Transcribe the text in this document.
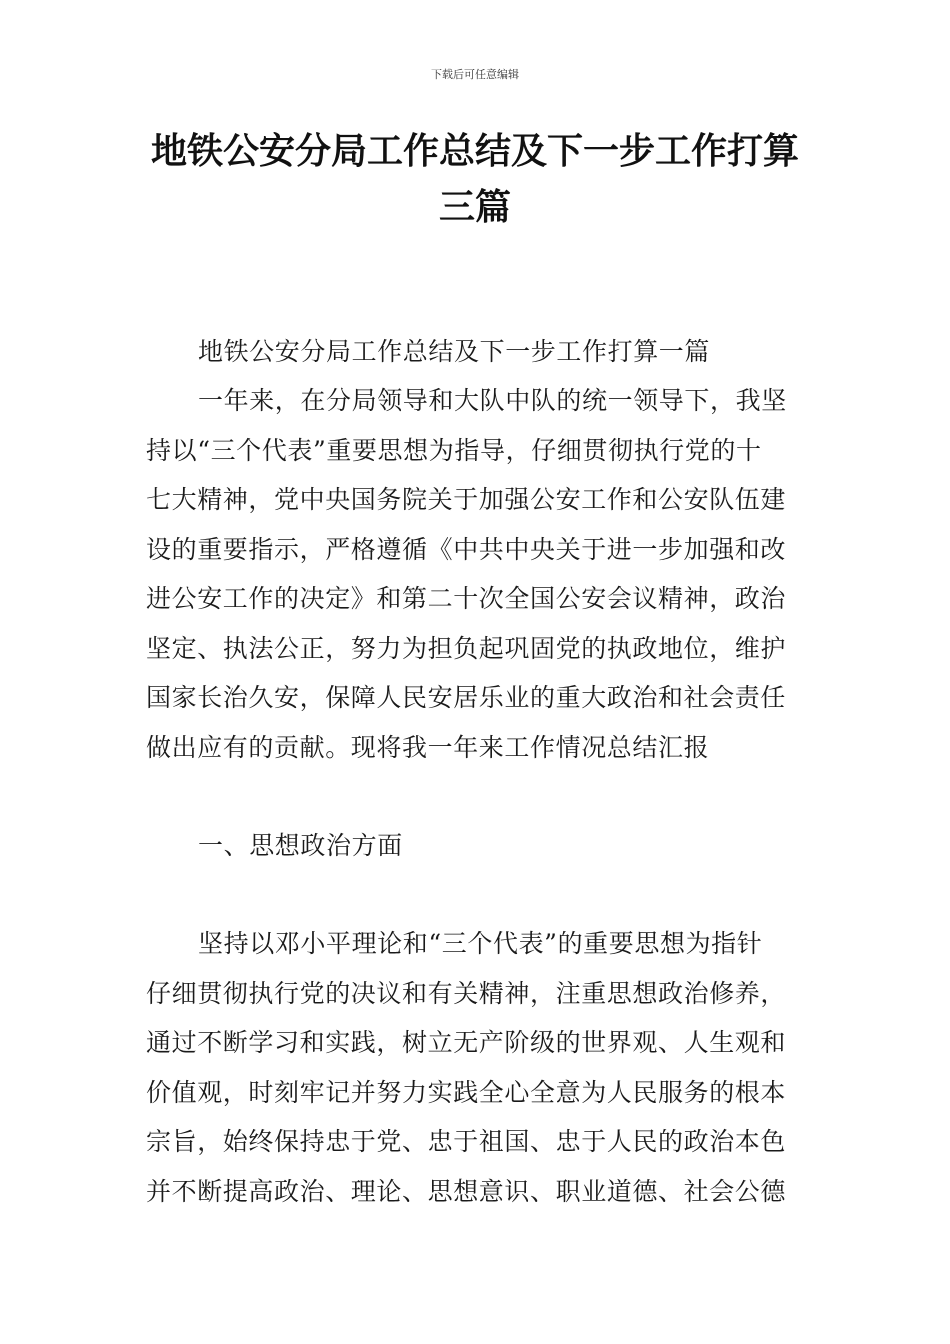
下载后可任意编辑
地铁公安分局工作总结及下一步工作打算
三篇

地铁公安分局工作总结及下一步工作打算一篇

一年来，在分局领导和大队中队的统一领导下，我坚
持以“三个代表”重要思想为指导，仔细贯彻执行党的十
七大精神，党中央国务院关于加强公安工作和公安队伍建
设的重要指示，严格遵循《中共中央关于进一步加强和改
进公安工作的决定》和第二十次全国公安会议精神，政治
坚定、执法公正，努力为担负起巩固党的执政地位，维护
国家长治久安，保障人民安居乐业的重大政治和社会责任
做出应有的贡献。现将我一年来工作情况总结汇报

一、思想政治方面

坚持以邓小平理论和“三个代表”的重要思想为指针
仔细贯彻执行党的决议和有关精神，注重思想政治修养，
通过不断学习和实践，树立无产阶级的世界观、人生观和
价值观，时刻牢记并努力实践全心全意为人民服务的根本
宗旨，始终保持忠于党、忠于祖国、忠于人民的政治本色
并不断提高政治、理论、思想意识、职业道德、社会公德
